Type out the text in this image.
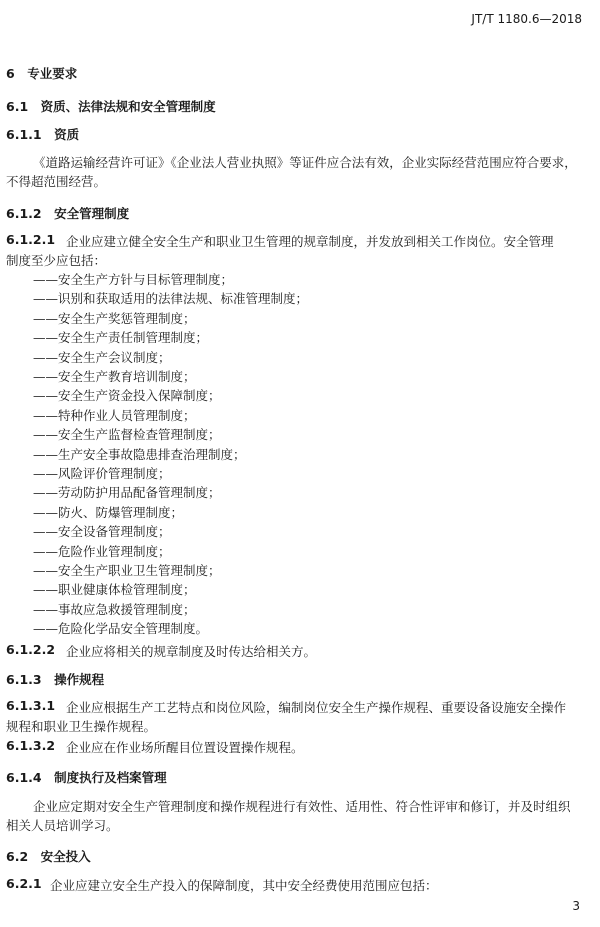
JT/T 1180.6—2018
6　专业要求
6.1　资质、法律法规和安全管理制度
6.1.1　资质
《道路运输经营许可证》《企业法人营业执照》等证件应合法有效，企业实际经营范围应符合要求，
不得超范围经营。
6.1.2　安全管理制度
6.1.2.1 企业应建立健全安全生产和职业卫生管理的规章制度，并发放到相关工作岗位。安全管理
制度至少应包括：
——安全生产方针与目标管理制度；
——识别和获取适用的法律法规、标准管理制度；
——安全生产奖惩管理制度；
——安全生产责任制管理制度；
——安全生产会议制度；
——安全生产教育培训制度；
——安全生产资金投入保障制度；
——特种作业人员管理制度；
——安全生产监督检查管理制度；
——生产安全事故隐患排查治理制度；
——风险评价管理制度；
——劳动防护用品配备管理制度；
——防火、防爆管理制度；
——安全设备管理制度；
——危险作业管理制度；
——安全生产职业卫生管理制度；
——职业健康体检管理制度；
——事故应急救援管理制度；
——危险化学品安全管理制度。
6.1.2.2 企业应将相关的规章制度及时传达给相关方。
6.1.3　操作规程
6.1.3.1 企业应根据生产工艺特点和岗位风险，编制岗位安全生产操作规程、重要设备设施安全操作
规程和职业卫生操作规程。
6.1.3.2 企业应在作业场所醒目位置设置操作规程。
6.1.4　制度执行及档案管理
企业应定期对安全生产管理制度和操作规程进行有效性、适用性、符合性评审和修订，并及时组织
相关人员培训学习。
6.2　安全投入
6.2.1 企业应建立安全生产投入的保障制度，其中安全经费使用范围应包括：
3
